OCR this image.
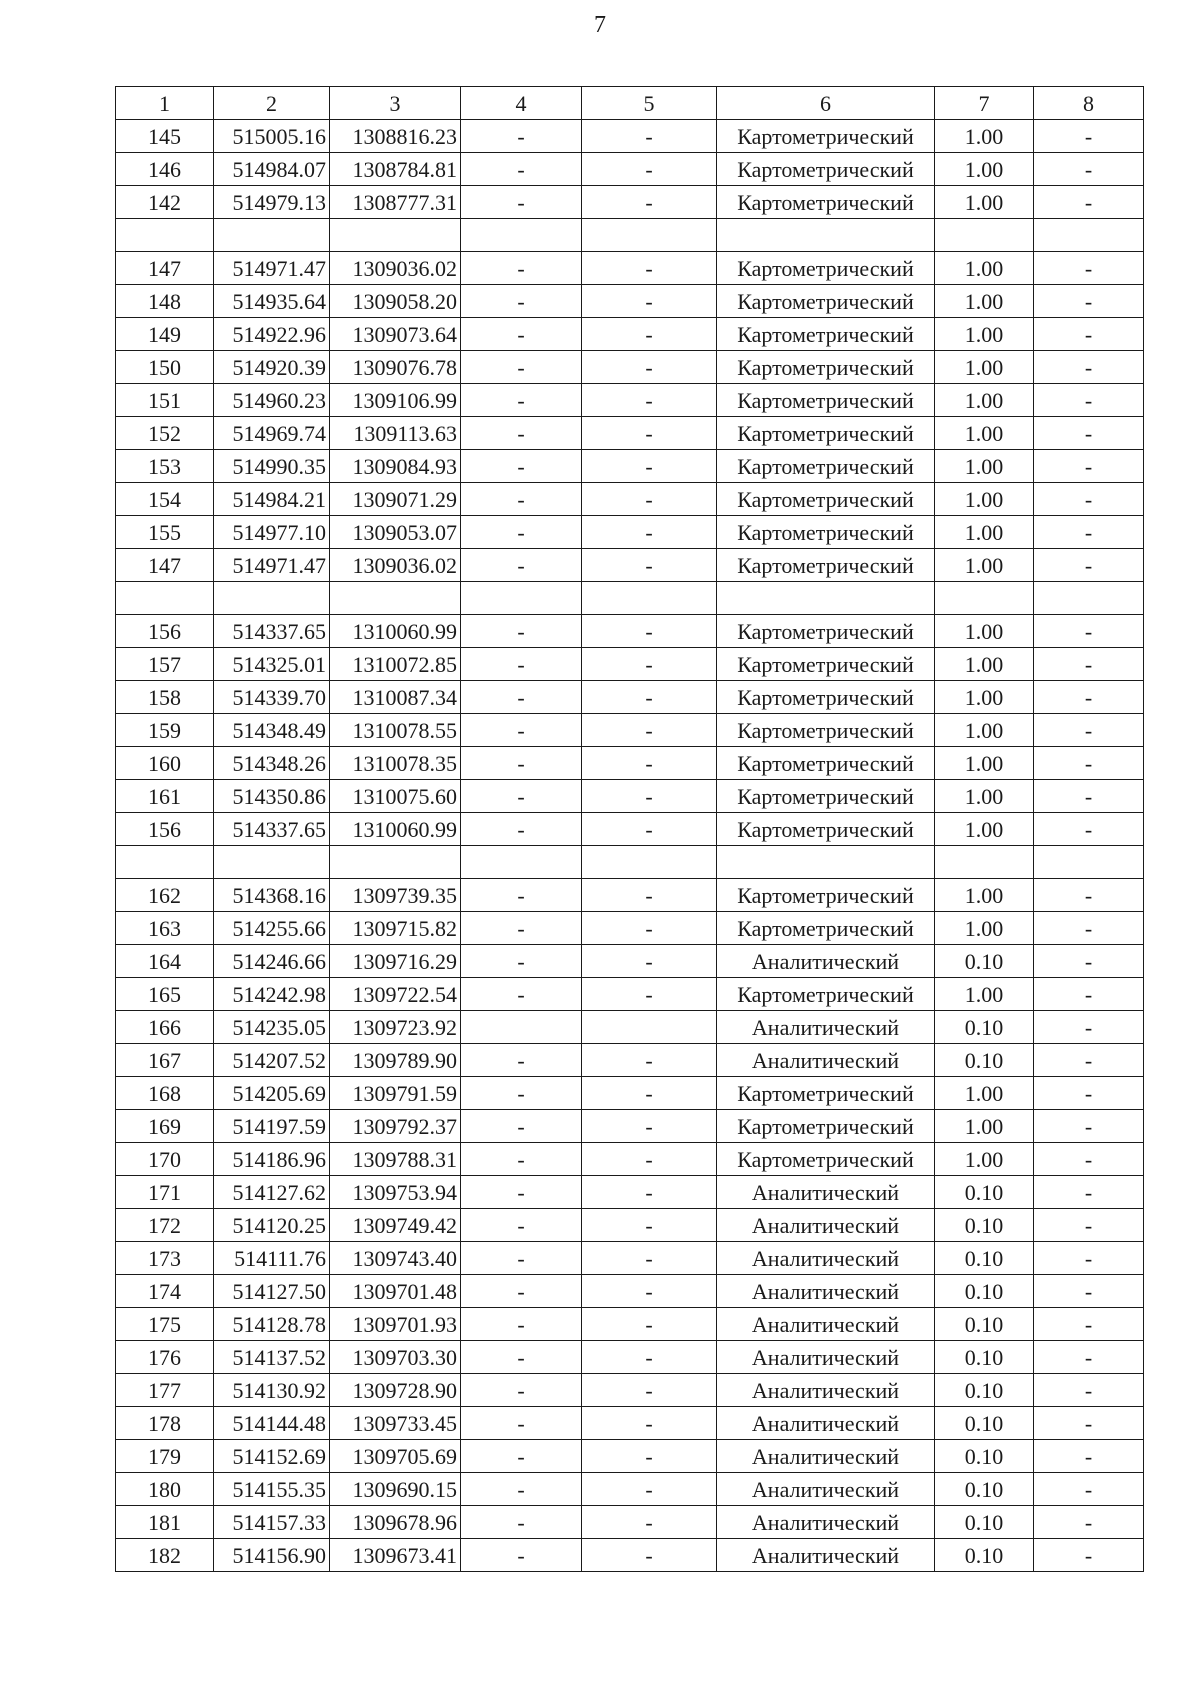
7
1	2	3	4	5	6	7	8
145	515005.16	1308816.23	-	-	Картометрический	1.00	-
146	514984.07	1308784.81	-	-	Картометрический	1.00	-
142	514979.13	1308777.31	-	-	Картометрический	1.00	-

147	514971.47	1309036.02	-	-	Картометрический	1.00	-
148	514935.64	1309058.20	-	-	Картометрический	1.00	-
149	514922.96	1309073.64	-	-	Картометрический	1.00	-
150	514920.39	1309076.78	-	-	Картометрический	1.00	-
151	514960.23	1309106.99	-	-	Картометрический	1.00	-
152	514969.74	1309113.63	-	-	Картометрический	1.00	-
153	514990.35	1309084.93	-	-	Картометрический	1.00	-
154	514984.21	1309071.29	-	-	Картометрический	1.00	-
155	514977.10	1309053.07	-	-	Картометрический	1.00	-
147	514971.47	1309036.02	-	-	Картометрический	1.00	-

156	514337.65	1310060.99	-	-	Картометрический	1.00	-
157	514325.01	1310072.85	-	-	Картометрический	1.00	-
158	514339.70	1310087.34	-	-	Картометрический	1.00	-
159	514348.49	1310078.55	-	-	Картометрический	1.00	-
160	514348.26	1310078.35	-	-	Картометрический	1.00	-
161	514350.86	1310075.60	-	-	Картометрический	1.00	-
156	514337.65	1310060.99	-	-	Картометрический	1.00	-

162	514368.16	1309739.35	-	-	Картометрический	1.00	-
163	514255.66	1309715.82	-	-	Картометрический	1.00	-
164	514246.66	1309716.29	-	-	Аналитический	0.10	-
165	514242.98	1309722.54	-	-	Картометрический	1.00	-
166	514235.05	1309723.92			Аналитический	0.10	-
167	514207.52	1309789.90	-	-	Аналитический	0.10	-
168	514205.69	1309791.59	-	-	Картометрический	1.00	-
169	514197.59	1309792.37	-	-	Картометрический	1.00	-
170	514186.96	1309788.31	-	-	Картометрический	1.00	-
171	514127.62	1309753.94	-	-	Аналитический	0.10	-
172	514120.25	1309749.42	-	-	Аналитический	0.10	-
173	514111.76	1309743.40	-	-	Аналитический	0.10	-
174	514127.50	1309701.48	-	-	Аналитический	0.10	-
175	514128.78	1309701.93	-	-	Аналитический	0.10	-
176	514137.52	1309703.30	-	-	Аналитический	0.10	-
177	514130.92	1309728.90	-	-	Аналитический	0.10	-
178	514144.48	1309733.45	-	-	Аналитический	0.10	-
179	514152.69	1309705.69	-	-	Аналитический	0.10	-
180	514155.35	1309690.15	-	-	Аналитический	0.10	-
181	514157.33	1309678.96	-	-	Аналитический	0.10	-
182	514156.90	1309673.41	-	-	Аналитический	0.10	-
